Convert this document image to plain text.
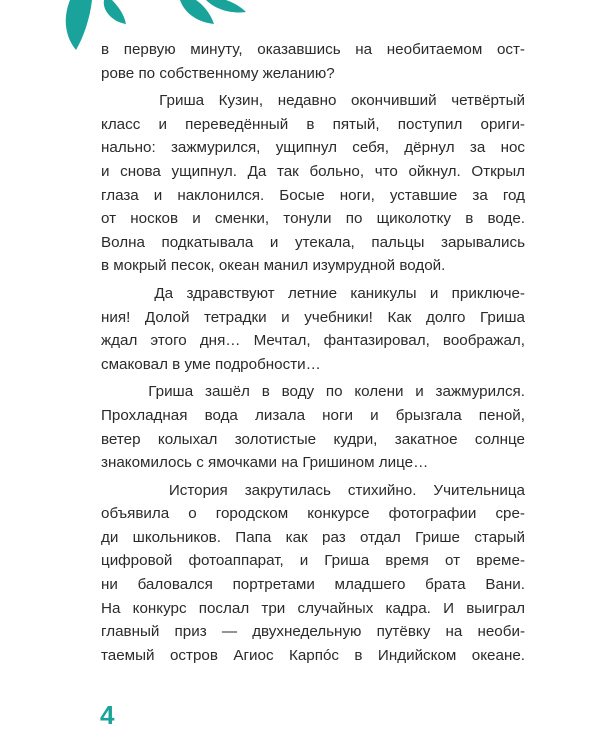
в первую минуту, оказавшись на необитаемом ост-
рове по собственному желанию?

Гриша Кузин, недавно окончивший четвёртый
класс и переведённый в пятый, поступил ориги-
нально: зажмурился, ущипнул себя, дёрнул за нос
и снова ущипнул. Да так больно, что ойкнул. Открыл
глаза и наклонился. Босые ноги, уставшие за год
от носков и сменки, тонули по щиколотку в воде.
Волна подкатывала и утекала, пальцы зарывались
в мокрый песок, океан манил изумрудной водой.

Да здравствуют летние каникулы и приключе-
ния! Долой тетрадки и учебники! Как долго Гриша
ждал этого дня… Мечтал, фантазировал, воображал,
смаковал в уме подробности…

Гриша зашёл в воду по колени и зажмурился.
Прохладная вода лизала ноги и брызгала пеной,
ветер колыхал золотистые кудри, закатное солнце
знакомилось с ямочками на Гришином лице…

История закрутилась стихийно. Учительница
объявила о городском конкурсе фотографии сре-
ди школьников. Папа как раз отдал Грише старый
цифровой фотоаппарат, и Гриша время от време-
ни баловался портретами младшего брата Вани.
На конкурс послал три случайных кадра. И выиграл
главный приз — двухнедельную путёвку на необи-
таемый остров Агиос Карпóс в Индийском океане.

4
